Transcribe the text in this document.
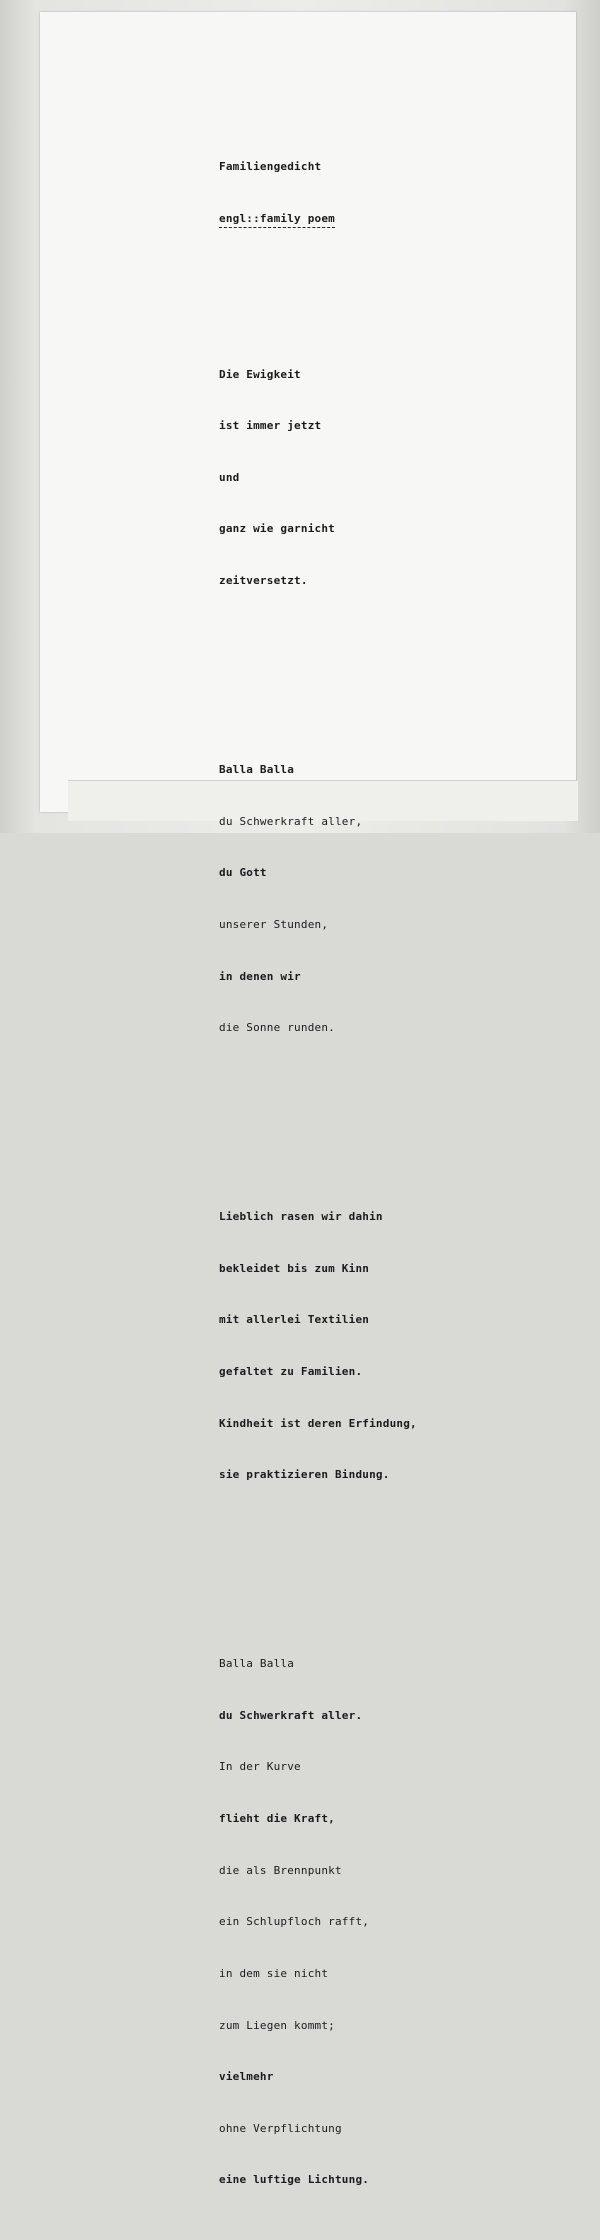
Familiengedicht

engl::family poem

Die Ewigkeit

ist immer jetzt

und

ganz wie garnicht

zeitversetzt.

Balla Balla

du Schwerkraft aller,

du Gott

unserer Stunden,

in denen wir

die Sonne runden.

Lieblich rasen wir dahin

bekleidet bis zum Kinn

mit allerlei Textilien

gefaltet zu Familien.

Kindheit ist deren Erfindung,

sie praktizieren Bindung.

Balla Balla

du Schwerkraft aller.

In der Kurve

flieht die Kraft,

die als Brennpunkt

ein Schlupfloch rafft,

in dem sie nicht

zum Liegen kommt;

vielmehr

ohne Verpflichtung

eine luftige Lichtung.
